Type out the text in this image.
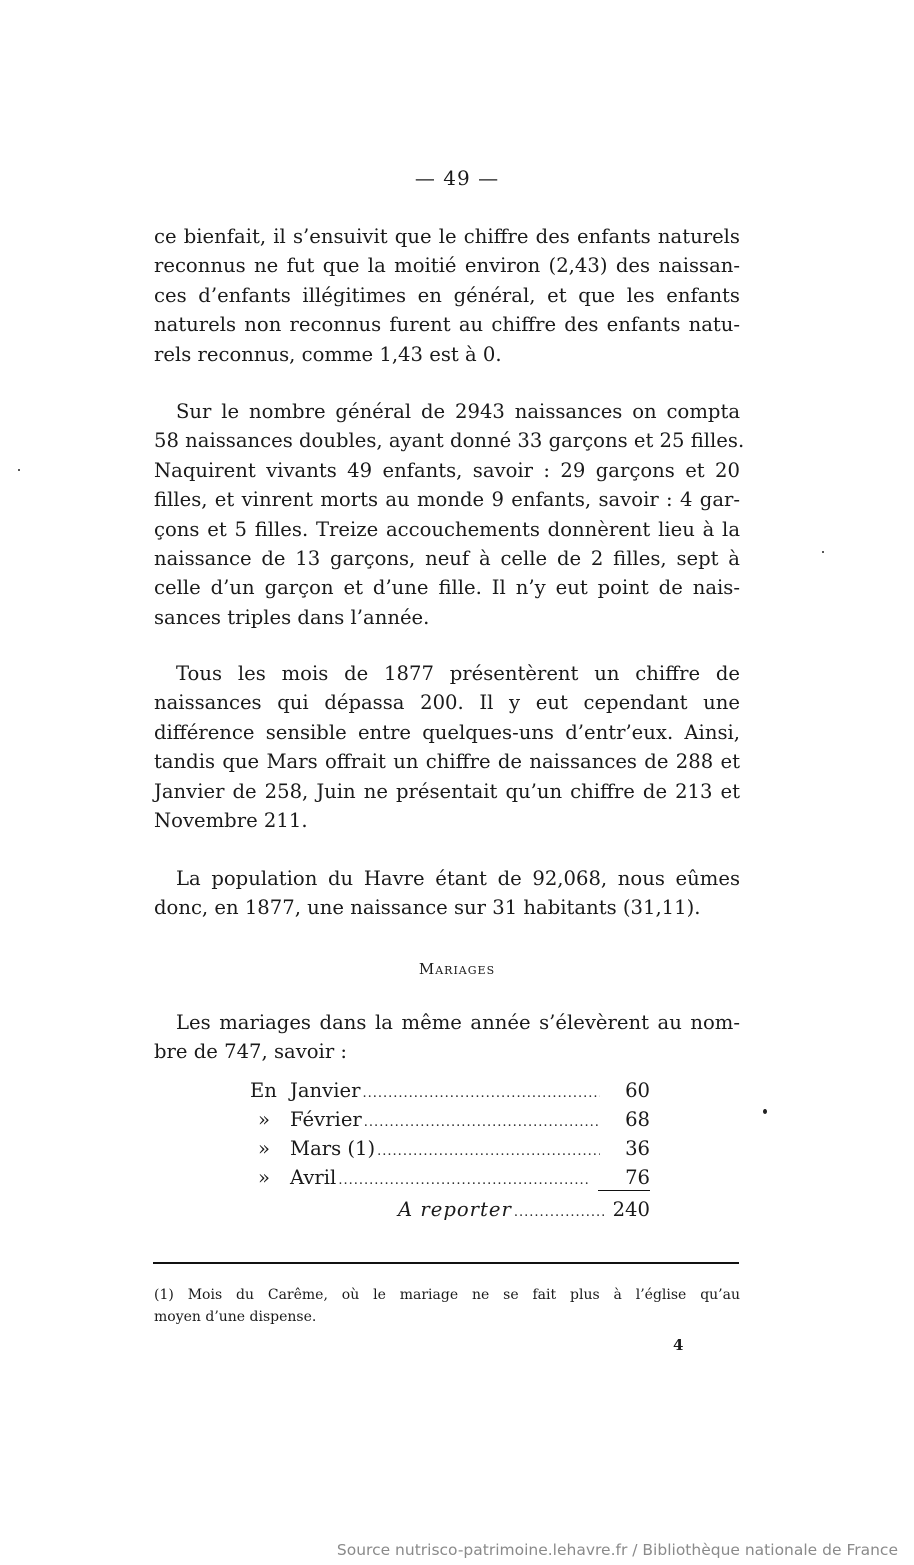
— 49 —
ce bienfait, il s’ensuivit que le chiffre des enfants naturels
reconnus ne fut que la moitié environ (2,43) des naissan-
ces d’enfants illégitimes en général, et que les enfants
naturels non reconnus furent au chiffre des enfants natu-
rels reconnus, comme 1,43 est à 0.
Sur le nombre général de 2943 naissances on compta
58 naissances doubles, ayant donné 33 garçons et 25 filles.
Naquirent vivants 49 enfants, savoir : 29 garçons et 20
filles, et vinrent morts au monde 9 enfants, savoir : 4 gar-
çons et 5 filles. Treize accouchements donnèrent lieu à la
naissance de 13 garçons, neuf à celle de 2 filles, sept à
celle d’un garçon et d’une fille. Il n’y eut point de nais-
sances triples dans l’année.
Tous les mois de 1877 présentèrent un chiffre de
naissances qui dépassa 200. Il y eut cependant une
différence sensible entre quelques-uns d’entr’eux. Ainsi,
tandis que Mars offrait un chiffre de naissances de 288 et
Janvier de 258, Juin ne présentait qu’un chiffre de 213 et
Novembre 211.
La population du Havre étant de 92,068, nous eûmes
donc, en 1877, une naissance sur 31 habitants (31,11).
Mariages
Les mariages dans la même année s’élevèrent au nom-
bre de 747, savoir :
En Janvier .....	60
»	Février .....	68
»	Mars (1) .....	36
»	Avril .....	76
A reporter .....	240
(1) Mois du Carême, où le mariage ne se fait plus à l’église qu’au
moyen d’une dispense.
4
Source nutrisco-patrimoine.lehavre.fr / Bibliothèque nationale de France
